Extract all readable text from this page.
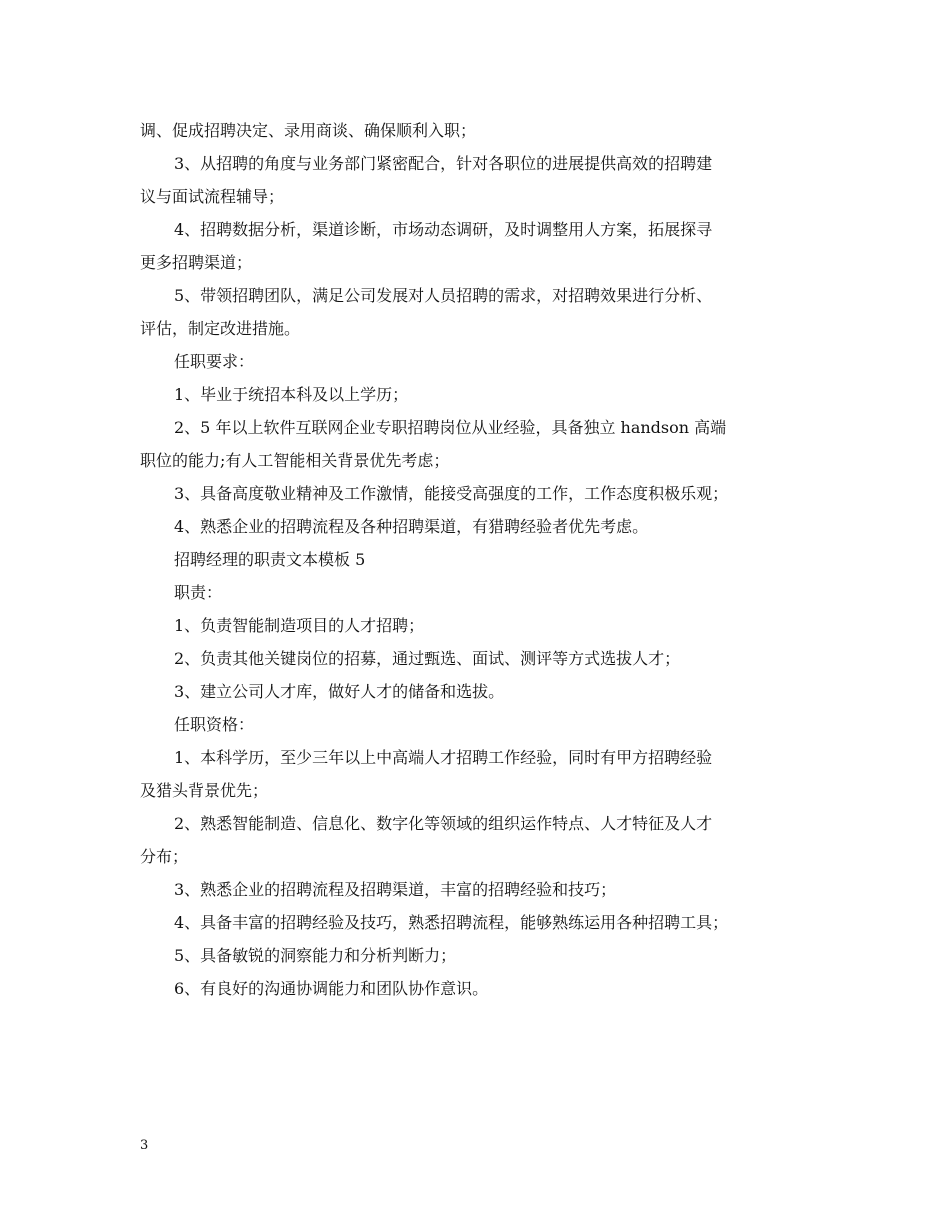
调、促成招聘决定、录用商谈、确保顺利入职；
3、从招聘的角度与业务部门紧密配合，针对各职位的进展提供高效的招聘建
议与面试流程辅导；
4、招聘数据分析，渠道诊断，市场动态调研，及时调整用人方案，拓展探寻
更多招聘渠道；
5、带领招聘团队，满足公司发展对人员招聘的需求，对招聘效果进行分析、
评估，制定改进措施。
任职要求：
1、毕业于统招本科及以上学历；
2、5 年以上软件互联网企业专职招聘岗位从业经验，具备独立 handson 高端
职位的能力;有人工智能相关背景优先考虑；
3、具备高度敬业精神及工作激情，能接受高强度的工作，工作态度积极乐观；
4、熟悉企业的招聘流程及各种招聘渠道，有猎聘经验者优先考虑。
招聘经理的职责文本模板 5
职责：
1、负责智能制造项目的人才招聘；
2、负责其他关键岗位的招募，通过甄选、面试、测评等方式选拔人才；
3、建立公司人才库，做好人才的储备和选拔。
任职资格：
1、本科学历，至少三年以上中高端人才招聘工作经验，同时有甲方招聘经验
及猎头背景优先；
2、熟悉智能制造、信息化、数字化等领域的组织运作特点、人才特征及人才
分布；
3、熟悉企业的招聘流程及招聘渠道，丰富的招聘经验和技巧；
4、具备丰富的招聘经验及技巧，熟悉招聘流程，能够熟练运用各种招聘工具；
5、具备敏锐的洞察能力和分析判断力；
6、有良好的沟通协调能力和团队协作意识。
3
